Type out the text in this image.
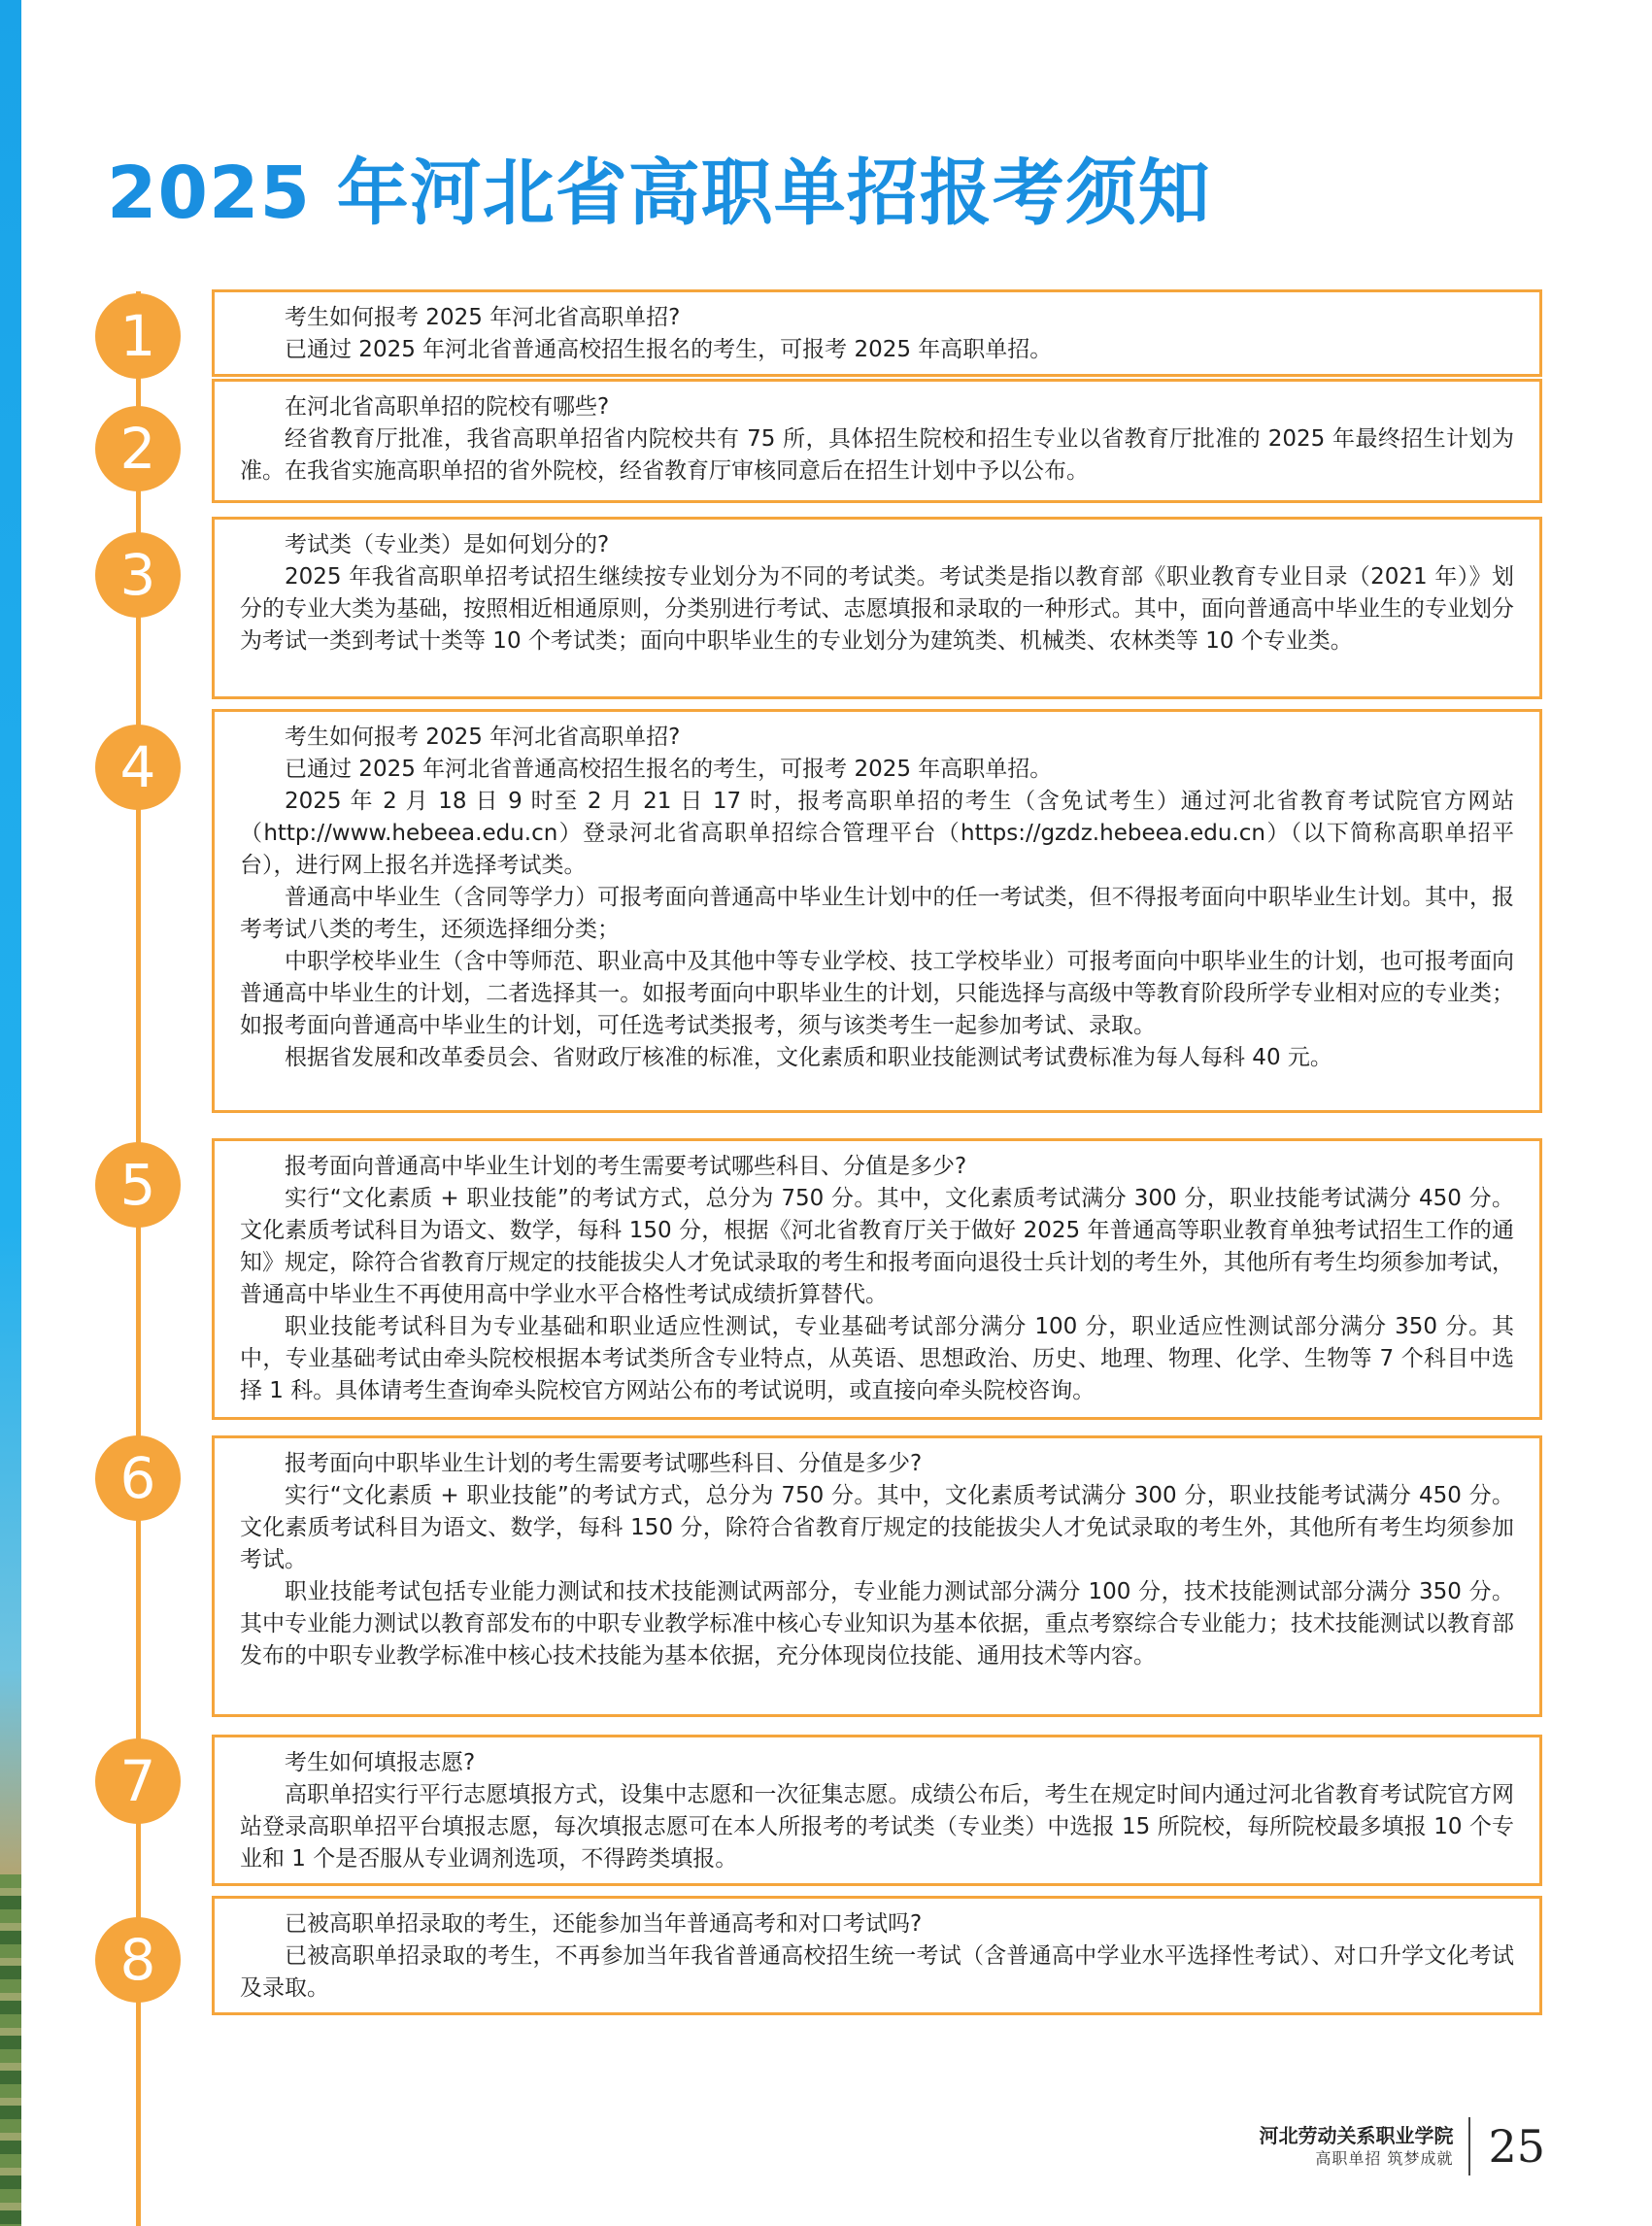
2025 年河北省高职单招报考须知
1	考生如何报考 2025 年河北省高职单招?

已通过 2025 年河北省普通高校招生报名的考生，可报考 2025 年高职单招。

2

在河北省高职单招的院校有哪些?

经省教育厅批准，我省高职单招省内院校共有 75 所，具体招生院校和招生专业以省教育厅批准的 2025 年最终招生计划为准。在我省实施高职单招的省外院校，经省教育厅审核同意后在招生计划中予以公布。

3	考试类（专业类）是如何划分的?

2025 年我省高职单招考试招生继续按专业划分为不同的考试类。考试类是指以教育部《职业教育专业目录（2021 年）》划分的专业大类为基础，按照相近相通原则，分类别进行考试、志愿填报和录取的一种形式。其中，面向普通高中毕业生的专业划分为考试一类到考试十类等 10 个考试类；面向中职毕业生的专业划分为建筑类、机械类、农林类等 10 个专业类。

4	考生如何报考 2025 年河北省高职单招?

已通过 2025 年河北省普通高校招生报名的考生，可报考 2025 年高职单招。

2025 年 2 月 18 日 9 时至 2 月 21 日 17 时，报考高职单招的考生（含免试考生）通过河北省教育考试院官方网站（http://www.hebeea.edu.cn）登录河北省高职单招综合管理平台（https://gzdz.hebeea.edu.cn）（以下简称高职单招平台），进行网上报名并选择考试类。

普通高中毕业生（含同等学力）可报考面向普通高中毕业生计划中的任一考试类，但不得报考面向中职毕业生计划。其中，报考考试八类的考生，还须选择细分类；

中职学校毕业生（含中等师范、职业高中及其他中等专业学校、技工学校毕业）可报考面向中职毕业生的计划，也可报考面向普通高中毕业生的计划，二者选择其一。如报考面向中职毕业生的计划，只能选择与高级中等教育阶段所学专业相对应的专业类；如报考面向普通高中毕业生的计划，可任选考试类报考，须与该类考生一起参加考试、录取。

根据省发展和改革委员会、省财政厅核准的标准，文化素质和职业技能测试考试费标准为每人每科 40 元。

5	报考面向普通高中毕业生计划的考生需要考试哪些科目、分值是多少?

实行“文化素质 + 职业技能”的考试方式，总分为 750 分。其中，文化素质考试满分 300 分，职业技能考试满分 450 分。文化素质考试科目为语文、数学，每科 150 分，根据《河北省教育厅关于做好 2025 年普通高等职业教育单独考试招生工作的通知》规定，除符合省教育厅规定的技能拔尖人才免试录取的考生和报考面向退役士兵计划的考生外，其他所有考生均须参加考试，普通高中毕业生不再使用高中学业水平合格性考试成绩折算替代。

职业技能考试科目为专业基础和职业适应性测试，专业基础考试部分满分 100 分，职业适应性测试部分满分 350 分。其中，专业基础考试由牵头院校根据本考试类所含专业特点，从英语、思想政治、历史、地理、物理、化学、生物等 7 个科目中选择 1 科。具体请考生查询牵头院校官方网站公布的考试说明，或直接向牵头院校咨询。

6	报考面向中职毕业生计划的考生需要考试哪些科目、分值是多少?

实行“文化素质 + 职业技能”的考试方式，总分为 750 分。其中，文化素质考试满分 300 分，职业技能考试满分 450 分。文化素质考试科目为语文、数学，每科 150 分，除符合省教育厅规定的技能拔尖人才免试录取的考生外，其他所有考生均须参加考试。

职业技能考试包括专业能力测试和技术技能测试两部分，专业能力测试部分满分 100 分，技术技能测试部分满分 350 分。其中专业能力测试以教育部发布的中职专业教学标准中核心专业知识为基本依据，重点考察综合专业能力；技术技能测试以教育部发布的中职专业教学标准中核心技术技能为基本依据，充分体现岗位技能、通用技术等内容。

7	考生如何填报志愿?

高职单招实行平行志愿填报方式，设集中志愿和一次征集志愿。成绩公布后，考生在规定时间内通过河北省教育考试院官方网站登录高职单招平台填报志愿，每次填报志愿可在本人所报考的考试类（专业类）中选报 15 所院校，每所院校最多填报 10 个专业和 1 个是否服从专业调剂选项，不得跨类填报。

8

已被高职单招录取的考生，还能参加当年普通高考和对口考试吗?

已被高职单招录取的考生，不再参加当年我省普通高校招生统一考试（含普通高中学业水平选择性考试）、对口升学文化考试及录取。

河北劳动关系职业学院
高职单招 筑梦成就 25
